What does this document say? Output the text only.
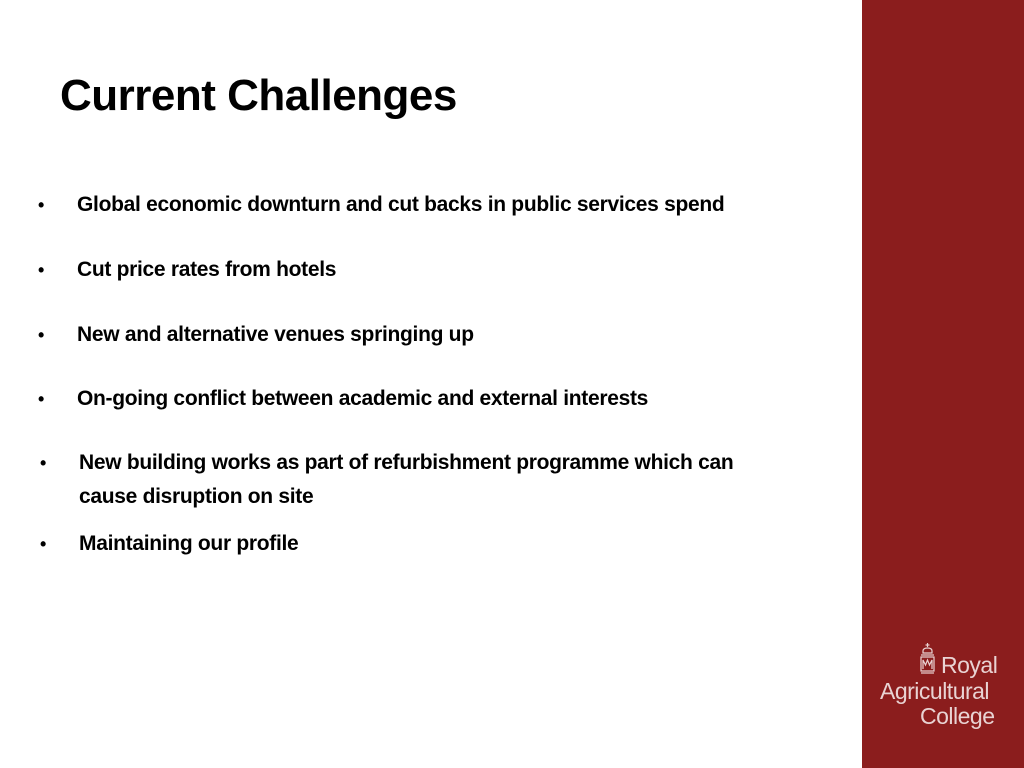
Current Challenges
•	Global economic downturn and cut backs in public services spend
•	Cut price rates from hotels
•	New and alternative venues springing up
•	On-going conflict between academic and external interests
•	New building works as part of refurbishment programme which can cause disruption on site
•	Maintaining our profile
Royal
Agricultural
College
